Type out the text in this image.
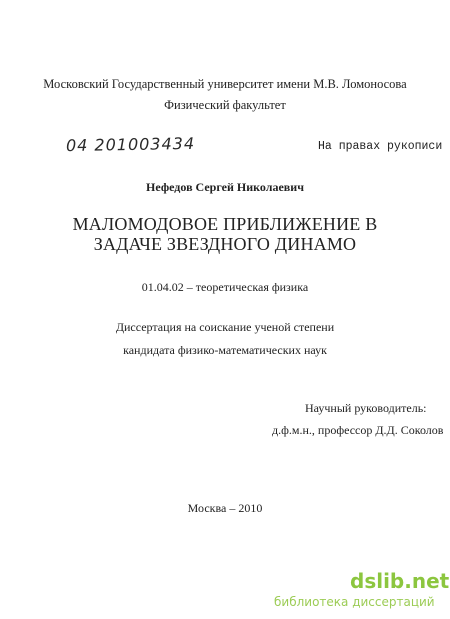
Московский Государственный университет имени М.В. Ломоносова
Физический факультет
04 201003434	На правах рукописи
Нефедов Сергей Николаевич
МАЛОМОДОВОЕ ПРИБЛИЖЕНИЕ В
ЗАДАЧЕ ЗВЕЗДНОГО ДИНАМО
01.04.02 – теоретическая физика
Диссертация на соискание ученой степени
кандидата физико-математических наук
Научный руководитель:
д.ф.м.н., профессор Д.Д. Соколов
Москва – 2010
dslib.net
библиотека диссертаций
